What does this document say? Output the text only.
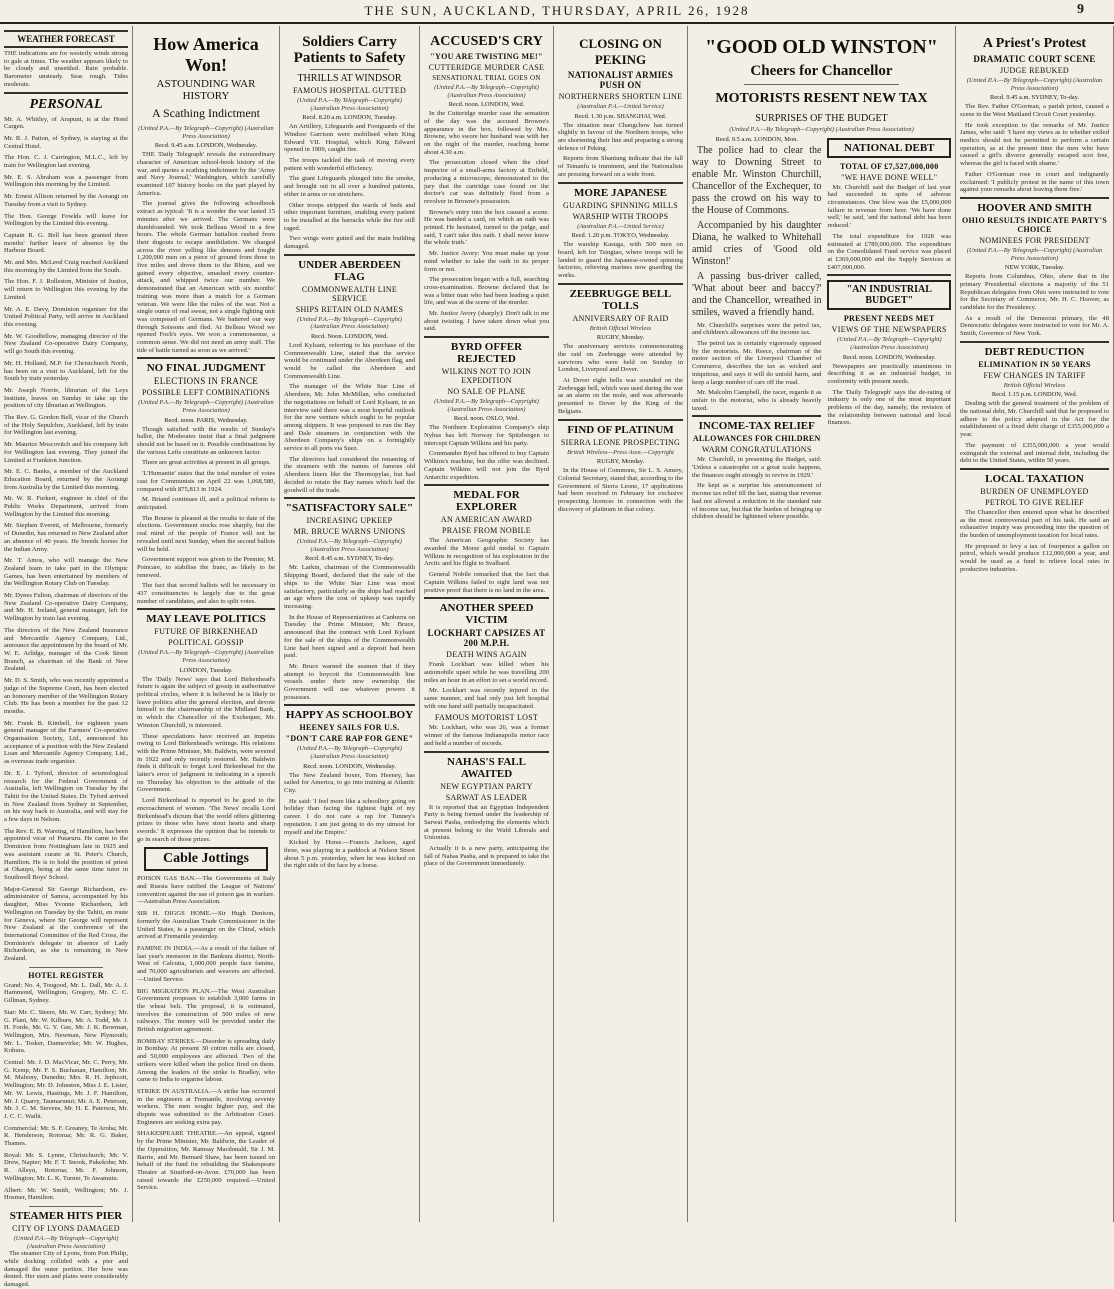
THE SUN, AUCKLAND, THURSDAY, APRIL 26, 1928	9
WEATHER FORECAST
THE indications are for westerly winds strong to gale at times. The weather appears likely to be cloudy and unsettled. Rain probable. Barometer unsteady. Seas rough. Tides moderate.
PERSONAL
Mr. A. Whitley, of Arapuni, is at the Hotel Cargen.
Mr. R. J. Patton, of Sydney, is staying at the Central Hotel.
The Hon. C. J. Carrington, M.L.C., left by train for Wellington last evening.
Mr. E. S. Abraham was a passenger from Wellington this morning by the Limited.
Mr. Ernest Allison returned by the Aorangi on Tuesday from a visit to Sydney.
The Hon. George Fowlds will leave for Wellington by the Limited this evening.
Captain R. G. Bell has been granted three months' further leave of absence by the Harbour Board.
Mr. and Mrs. McLeod Craig reached Auckland this morning by the Limited from the South.
The Hon. F. J. Rolleston, Minister of Justice, will return to Wellington this evening by the Limited.
Mr. A. E. Davy, Dominion organiser for the United Political Party, will arrive in Auckland this evening.
Mr. W. Goodfellow, managing director of the New Zealand Co-operative Dairy Company, will go South this evening.
Mr. H. Holland, M.P. for Christchurch North, has been on a visit to Auckland, left for the South by train yesterday.
Mr. Joseph Norrie, librarian of the Leys Institute, leaves on Sunday to take up the position of city librarian at Wellington.
The Rev. G. Gordon Bell, vicar of the Church of the Holy Sepulchre, Auckland, left by train for Wellington last evening.
Mr. Maurice Moscovitch and his company left for Wellington last evening. They joined the Limited at Frankton Junction.
Mr. E. C. Banks, a member of the Auckland Education Board, returned by the Aorangi from Australia by the Limited this morning.
Mr. W. R. Furkert, engineer in chief of the Public Works Department, arrived from Wellington by the Limited this morning.
Mr. Stephen Everett, of Melbourne, formerly of Dunedin, has returned to New Zealand after an absence of 40 years. He breeds horses for the Indian Army.
Mr. T. Amos, who will manage the New Zealand team to take part in the Olympic Games, has been entertained by members of the Wellington Rotary Club on Tuesday.
Mr. Dynes Fulton, chairman of directors of the New Zealand Co-operative Dairy Company, and Mr. H. Ireland, general manager, left for Wellington by train last evening.
The directors of the New Zealand Insurance and Mercantile Agency Company, Ltd., announce the appointment by the board of Mr. W. E. Arlidge, manager of the Cook Street Branch, as chairman of the Bank of New Zealand.
Mr. D. S. Smith, who was recently appointed a judge of the Supreme Court, has been elected an honorary member of the Wellington Rotary Club. He has been a member for the past 12 months.
Mr. Frank B. Kimbell, for eighteen years general manager of the Farmers' Co-operative Organisation Society, Ltd., announced his acceptance of a position with the New Zealand Loan and Mercantile Agency Company, Ltd., as overseas trade organiser.
Dr. E. J. Tyford, director of seismological research for the Federal Government of Australia, left Wellington on Tuesday by the Tahiti for the United States. Dr. Tyford arrived in New Zealand from Sydney in September, on his way back to Australia, and will stay for a few days in Nelson.
The Rev. E. B. Wareing, of Hamilton, has been appointed vicar of Putaruru. He came to the Dominion from Nottingham late in 1925 and was assistant curate at St. Peter's Church, Hamilton. He is to hold the position of priest at Okaupo, being at the same time tutor in Southwell Boys' School.
Major-General Sir George Richardson, ex-administrator of Samoa, accompanied by his daughter, Miss Yvonne Richardson, left Wellington on Tuesday by the Tahiti, en route for Geneva, where Sir George will represent New Zealand at the conference of the International Committee of the Red Cross, the Dominion's delegate in absence of Lady Richardson, as she is remaining in New Zealand.
HOTEL REGISTER
Grand: No. 4, Toogood, Mr. L. Dall, Mr. A. J. Hammond, Wellington, Gregory, Mr. C. C. Gillman, Sydney.
Star: Mr. C. Steere, Mr. W. Carr, Sydney; Mr. G. Plant, Mr. W. Kilburn, Mr. A. Todd, Mr. J. H. Forde, Mr. G. Y. Gee, Mr. J. K. Bowman, Wellington, Mrs. Newman, New Plymouth; Mr. L. Tosker, Dannevirke; Mr. W. Hughes, Kohura.
Central: Mr. J. D. MacVicar, Mr. C. Perry, Mr. G. Kemp, Mr. F. S. Buchanan, Hamilton; Mr. M. Mahony, Dunedin; Mrs. R. H. Jephcott, Wellington; Mr. D. Johnston, Miss J. E. Lister, Mr. W. Lewis, Hastings, Mr. J. F. Hamilton, Mr. J. Quarry, Taumarunui; Mr. A. E. Peterson, Mr. J. C. M. Stevens, Mr. H. E. Paterson, Mr. J. C. C. Waihi.
Commercial: Mr. S. F. Greaney, Te Aroha; Mr. R. Henderson, Rotorua; Mr. R. G. Baker, Thames.
Royal: Mr. S. Lynne, Christchurch; Mr. V. Drew, Napier; Mr. F. T. Snook, Pukekohe; Mr. R. Alleyn, Rotorua; Mr. F. Johnson, Wellington; Mr. L. K. Turner, Te Awamutu.
Albert: Mr. W. Smith, Wellington; Mr. J. Hosmer, Hamilton.
STEAMER HITS PIER
CITY OF LYONS DAMAGED
(United P.A.—By Telegraph—Copyright) (Australian Press Association)
The steamer City of Lyons, from Port Philip, while docking collided with a pier and damaged the outer portion. Her bow was dented. Her stern and plates were considerably damaged.
How America Won!
ASTOUNDING WAR HISTORY
A Scathing Indictment
(United P.A.—By Telegraph—Copyright) (Australian Press Association)
Recd. 9.45 a.m. LONDON, Wednesday.
THE 'Daily Telegraph' reveals the extraordinary character of American school-book history of the war, and quotes a scathing indictment by the 'Army and Navy Journal,' Washington, which carefully examined 107 history books on the part played by America.
The journal gives the following schoolbook extract as typical: 'It is a wonder the war lasted 15 minutes after we arrived. The Germans were dumbfounded. We took Belleau Wood in a few hours. The whole German battalion rushed from their dugouts to escape annihilation. We charged across the river yelling like demons and fought 1,200,000 men on a piece of ground from three to five miles and drove them to the Rhine, and we gained every objective, smashed every counter-attack, and whipped twice our number. We demonstrated that an American with six months' training was more than a match for a German veteran. We were like the rules of the war. Not a single ounce of real sweat, not a single fighting unit was composed of Germans. We battered our way through Soissons and fled. At Belleau Wood we opened Foch's eyes. We won a commonsense, a common sense. We did not need an army staff. The tide of battle turned as soon as we arrived.'
NO FINAL JUDGMENT
ELECTIONS IN FRANCE
POSSIBLE LEFT COMBINATIONS
(United P.A.—By Telegraph—Copyright) (Australian Press Association)
Recd. noon. PARIS, Wednesday.
Though satisfied with the results of Sunday's ballot, the Moderates insist that a final judgment should not be based on it. Possible combinations by the various Lefts constitute an unknown factor.
There are great activities at present in all groups.
'L'Humanite' states that the total number of votes cast for Communists on April 22 was 1,068,580, compared with 875,813 in 1924.
M. Briand continues ill, and a political reform is anticipated.
The Bourse is pleased at the results to date of the elections. Government stocks rose sharply, but the real mind of the people of France will not be revealed until next Sunday, when the second ballots will be held.
Government support was given to the Premier, M. Poincare, to stabilise the franc, as likely to be renewed.
The fact that second ballots will be necessary in 437 constituencies is largely due to the great number of candidates, and also to split votes.
MAY LEAVE POLITICS
FUTURE OF BIRKENHEAD
POLITICAL GOSSIP
(United P.A.—By Telegraph—Copyright) (Australian Press Association)
LONDON, Tuesday.
The 'Daily News' says that Lord Birkenhead's future is again the subject of gossip in authoritative political circles, where it is believed he is likely to leave politics after the general election, and devote himself to the chairmanship of the Midland Bank, in which the Chancellor of the Exchequer, Mr. Winston Churchill, is interested.
These speculations have received an impetus owing to Lord Birkenhead's writings. His relations with the Prime Minister, Mr. Baldwin, were severed in 1922 and only recently restored. Mr. Baldwin finds it difficult to forget Lord Birkenhead for the latter's error of judgment in indicating in a speech on Thursday his objection to the attitude of the Government.
Lord Birkenhead is reported to be good to the encroachment of women. 'The News' recalls Lord Birkenhead's dictum that 'the world offers glittering prizes to those who have stout hearts and sharp swords.' It expresses the opinion that he intends to go in search of those prizes.
Cable Jottings
POISON GAS BAN.—The Governments of Italy and Russia have ratified the League of Nations' convention against the use of poison gas in warfare.—Australian Press Association.
SIR H. DIGGS HOME.—Sir Hugh Denison, formerly the Australian Trade Commissioner in the United States, is a passenger on the Chiral, which arrived at Fremantle yesterday.
FAMINE IN INDIA.—As a result of the failure of last year's monsoon in the Bankura district, North-West of Calcutta, 1,000,000 people face famine, and 70,000 agriculturists and weavers are affected.—United Service.
BIG MIGRATION PLAN.—The West Australian Government proposes to establish 3,000 farms in the wheat belt. The proposal, it is estimated, involves the construction of 500 miles of new railways. The money will be provided under the British migration agreement.
BOMBAY STRIKES.—Disorder is spreading daily in Bombay. At present 30 cotton mills are closed, and 50,000 employees are affected. Two of the strikers were killed when the police fired on them. Among the leaders of the strike is Bradley, who came to India to organise labour.
STRIKE IN AUSTRALIA.—A strike has occurred in the engineers at Fremantle, involving seventy workers. The men sought higher pay, and the dispute was submitted to the Arbitration Court. Engineers are seeking extra pay.
SHAKESPEARE THEATRE.—An appeal, signed by the Prime Minister, Mr. Baldwin, the Leader of the Opposition, Mr. Ramsay Macdonald, Sir J. M. Barrie, and Mr. Bernard Shaw, has been issued on behalf of the fund for rebuilding the Shakespeare Theatre at Stratford-on-Avon. £70,000 has been raised towards the £250,000 required.—United Service.
Soldiers Carry Patients to Safety
THRILLS AT WINDSOR
FAMOUS HOSPITAL GUTTED
(United P.A.—By Telegraph—Copyright) (Australian Press Association)
Recd. 8.20 a.m. LONDON, Tuesday.
An Artillery, Lifeguards and Footguards of the Windsor Garrison were mobilised when King Edward VII. Hospital, which King Edward opened in 1909, caught fire.
The troops tackled the task of moving every patient with wonderful efficiency.
The giant Lifeguards plunged into the smoke, and brought out in all over a hundred patients, either in arms or on stretchers.
Other troops stripped the wards of beds and other important furniture, enabling every patient to be installed at the barracks while the fire still raged.
Two wings were gutted and the main building damaged.
UNDER ABERDEEN FLAG
COMMONWEALTH LINE SERVICE
SHIPS RETAIN OLD NAMES
(United P.A.—By Telegraph—Copyright) (Australian Press Association)
Recd. Noon. LONDON, Wed.
Lord Kylsant, referring to his purchase of the Commonwealth Line, stated that the service would be continued under the Aberdeen flag, and would be called the Aberdeen and Commonwealth Line.
The manager of the White Star Line of Aberdeen, Mr. John McMillan, who conducted the negotiations on behalf of Lord Kylsant, in an interview said there was a most hopeful outlook for the new venture which ought to be popular among shippers. It was proposed to run the Bay and Dale steamers in conjunction with the Aberdeen Company's ships on a fortnightly service to all ports via Suez.
The directors had considered the renaming of the steamers with the names of famous old Aberdeen liners like the Thermopylae, but had decided to retain the Bay names which had the goodwill of the trade.
"SATISFACTORY SALE"
INCREASING UPKEEP
MR. BRUCE WARNS UNIONS
(United P.A.—By Telegraph—Copyright) (Australian Press Association)
Recd. 8.45 a.m. SYDNEY, To-day.
Mr. Larkin, chairman of the Commonwealth Shipping Board, declared that the sale of the ships to the White Star Line was most satisfactory, particularly as the ships had reached an age where the cost of upkeep was rapidly increasing.
In the House of Representatives at Canberra on Tuesday the Prime Minister, Mr. Bruce, announced that the contract with Lord Kylsant for the sale of the ships of the Commonwealth Line had been signed and a deposit had been paid.
Mr. Bruce warned the seamen that if they attempt to boycott the Commonwealth line vessels under their new ownership the Government will use whatever powers it possesses.
HAPPY AS SCHOOLBOY
HEENEY SAILS FOR U.S.
"DON'T CARE RAP FOR GENE"
(United P.A.—By Telegraph—Copyright) (Australian Press Association)
Recd. noon. LONDON, Wednesday.
The New Zealand boxer, Tom Heeney, has sailed for America, to go into training at Atlantic City.
He said: 'I feel more like a schoolboy going on holiday than facing the tightest fight of my career. I do not care a rap for Tunney's reputation. I am just going to do my utmost for myself and the Empire.'
Kicked by Horse.—Francis Jackson, aged three, was playing in a paddock at Nelson Street about 5 p.m. yesterday, when he was kicked on the right side of the face by a horse.
ACCUSED'S CRY
"YOU ARE TWISTING ME!"
CUTTERIDGE MURDER CASE
SENSATIONAL TRIAL GOES ON
(United P.A.—By Telegraph—Copyright) (Australian Press Association)
Recd. noon. LONDON, Wed.
In the Cutteridge murder case the sensation of the day was the accused Browne's appearance in the box, followed by Mrs. Browne, who swore her husband was with her on the night of the murder, reaching home about 4.30 a.m.
The prosecution closed when the chief inspector of a small-arms factory at Enfield, producing a microscope, demonstrated to the jury that the cartridge case found on the doctor's car was definitely fired from a revolver in Browne's possession.
Browne's entry into the box caused a scene. He was handed a card, on which an oath was printed. He hesitated, turned to the judge, and said, 'I can't take this oath. I shall never know the whole truth.'
Mr. Justice Avory: You must make up your mind whether to take the oath in its proper form or not.
The prosecution began with a full, searching cross-examination. Browne declared that he was a bitter man who had been leading a quiet life, and was at the scene of the murder.
Mr. Justice Avory (sharply): Don't talk to me about twisting. I have taken down what you said.
BYRD OFFER REJECTED
WILKINS NOT TO JOIN EXPEDITION
NO SALE OF PLANE
(United P.A.—By Telegraph—Copyright) (Australian Press Association)
Recd. noon. OSLO, Wed.
The Northern Exploration Company's ship Nyhus has left Norway for Spitzbergen to intercept Captain Wilkins and his party.
Commander Byrd has offered to buy Captain Wilkins's machine, but the offer was declined. Captain Wilkins will not join the Byrd Antarctic expedition.
MEDAL FOR EXPLORER
AN AMERICAN AWARD
PRAISE FROM NOBILE
The American Geographic Society has awarded the Morse gold medal to Captain Wilkins in recognition of his exploration in the Arctic and his flight to Svalbard.
General Nobile remarked that the fact that Captain Wilkins failed to sight land was not positive proof that there is no land in the area.
ANOTHER SPEED VICTIM
LOCKHART CAPSIZES AT 200 M.P.H.
DEATH WINS AGAIN
Frank Lockhart was killed when his automobile upset while he was travelling 200 miles an hour in an effort to set a world record.
Mr. Lockhart was recently injured in the same manner, and had only just left hospital with one hand still partially incapacitated.
FAMOUS MOTORIST LOST
Mr. Lockhart, who was 26, was a former winner of the famous Indianapolis motor race and held a number of records.
NAHAS'S FALL AWAITED
NEW EGYPTIAN PARTY
SARWAT AS LEADER
It is reported that an Egyptian Independent Party is being formed under the leadership of Sarwat Pasha, embodying the elements which at present belong to the Wafd Liberals and Unionists.
Actually it is a new party, anticipating the fall of Nahas Pasha, and is prepared to take the place of the Government immediately.
CLOSING ON PEKING
NATIONALIST ARMIES PUSH ON
NORTHERNERS SHORTEN LINE
(Australian P.A.—United Service)
Recd. 1.30 p.m. SHANGHAI, Wed.
The situation near Changchow has turned slightly in favour of the Northern troops, who are shortening their line and preparing a strong defence of Peking.
Reports from Shantung indicate that the fall of Tsinanfu is imminent, and the Nationalists are pressing forward on a wide front.
MORE JAPANESE
GUARDING SPINNING MILLS
WARSHIP WITH TROOPS
(Australian P.A.—United Service)
Recd. 1.20 p.m. TOKYO, Wednesday.
The warship Kasuga, with 500 men on board, left for Tsingtao, where troops will be landed to guard the Japanese-owned spinning factories, relieving marines now guarding the works.
ZEEBRUGGE BELL TOLLS
ANNIVERSARY OF RAID
British Official Wireless
RUGBY, Monday.
The anniversary services commemorating the raid on Zeebrugge were attended by survivors who were held on Sunday in London, Liverpool and Dover.
At Dover eight bells was sounded on the Zeebrugge bell, which was used during the war as an alarm on the mole, and was afterwards presented to Dover by the King of the Belgians.
FIND OF PLATINUM
SIERRA LEONE PROSPECTING
British Wireless—Press Assn.—Copyright
RUGBY, Monday.
In the House of Commons, Sir L. S. Amery, Colonial Secretary, stated that, according to the Government of Sierra Leone, 17 applications had been received in February for exclusive prospecting licences in connection with the discovery of platinum in that colony.
"GOOD OLD WINSTON"
Cheers for Chancellor
MOTORISTS RESENT NEW TAX
SURPRISES OF THE BUDGET
(United P.A.—By Telegraph—Copyright) (Australian Press Association)
Recd. 9.5 a.m. LONDON, Mon.
The police had to clear the way to Downing Street to enable Mr. Winston Churchill, Chancellor of the Exchequer, to pass the crowd on his way to the House of Commons.
Accompanied by his daughter Diana, he walked to Whitehall amid cries of 'Good old Winston!'
A passing bus-driver called, 'What about beer and baccy?' and the Chancellor, wreathed in smiles, waved a friendly hand.
Mr. Churchill's surprises were the petrol tax, and children's allowances off the income tax.
The petrol tax is certainly vigorously opposed by the motorists. Mr. Reece, chairman of the motor section of the Liverpool Chamber of Commerce, describes the tax as wicked and iniquitous, and says it will do untold harm, and keep a large number of cars off the road.
Mr. Malcolm Campbell, the racer, regards it as unfair to the motorist, who is already heavily taxed.
INCOME-TAX RELIEF
ALLOWANCES FOR CHILDREN
WARM CONGRATULATIONS
Mr. Churchill, in presenting the Budget, said: 'Unless a catastrophe on a great scale happens, the finances ought strongly to revive in 1929.'
He kept as a surprise his announcement of income tax relief till the last, stating that revenue had not allowed a reduction in the standard rate of income tax, but that the burden of bringing up children should be lightened where possible.
NATIONAL DEBT
TOTAL OF £7,527,000,000
"WE HAVE DONE WELL"
Mr. Churchill said the Budget of last year had succeeded in spite of adverse circumstances. One blow was the £5,000,000 failure in revenue from beer. 'We have done well,' he said, 'and the national debt has been reduced.'
The total expenditure for 1928 was estimated at £789,000,000. The expenditure on the Consolidated Fund service was placed at £369,000,000 and the Supply Services at £407,000,000.
"AN INDUSTRIAL BUDGET"
PRESENT NEEDS MET
VIEWS OF THE NEWSPAPERS
(United P.A.—By Telegraph—Copyright) (Australian Press Association)
Recd. noon. LONDON, Wednesday.
Newspapers are practically unanimous in describing it as an industrial budget, in conformity with present needs.
The 'Daily Telegraph' says the de-rating of industry is only one of the most important problems of the day, namely, the revision of the relationship between national and local finances.
A Priest's Protest
DRAMATIC COURT SCENE
JUDGE REBUKED
(United P.A.—By Telegraph—Copyright) (Australian Press Association)
Recd. 9.45 a.m. SYDNEY, To-day.
The Rev. Father O'Gorman, a parish priest, caused a scene in the West Maitland Circuit Court yesterday.
He took exception to the remarks of Mr. Justice James, who said: 'I have my views as to whether exiled medico should not be permitted to perform a certain operation, as at the present time the men who have caused a girl's divorce generally escaped scot free, whereas the girl is faced with shame.'
Father O'Gorman rose in court and indignantly exclaimed: 'I publicly protest in the name of this town against your remarks about leaving them free.'
HOOVER AND SMITH
OHIO RESULTS INDICATE PARTY'S CHOICE
NOMINEES FOR PRESIDENT
(United P.A.—By Telegraph—Copyright) (Australian Press Association)
NEW YORK, Tuesday.
Reports from Columbus, Ohio, show that in the primary Presidential elections a majority of the 51 Republican delegates from Ohio were instructed to vote for the Secretary of Commerce, Mr. H. C. Hoover, as candidate for the Presidency.
As a result of the Democrat primary, the 48 Democratic delegates were instructed to vote for Mr. A. Smith, Governor of New York.
DEBT REDUCTION
ELIMINATION IN 50 YEARS
FEW CHANGES IN TARIFF
British Official Wireless
Recd. 1.15 p.m. LONDON, Wed.
Dealing with the general treatment of the problem of the national debt, Mr. Churchill said that he proposed to adhere to the policy adopted in the Act for the establishment of a fixed debt charge of £355,000,000 a year.
The payment of £355,000,000 a year would extinguish the external and internal debt, including the debt to the United States, within 50 years.
LOCAL TAXATION
BURDEN OF UNEMPLOYED
PETROL TO GIVE RELIEF
The Chancellor then entered upon what he described as the most controversial part of his task. He said an exhaustive inquiry was proceeding into the question of the burden of unemployment taxation for local rates.
He proposed to levy a tax of fourpence a gallon on petrol, which would produce £12,000,000 a year, and would be used as a fund to relieve local rates in productive industries.
